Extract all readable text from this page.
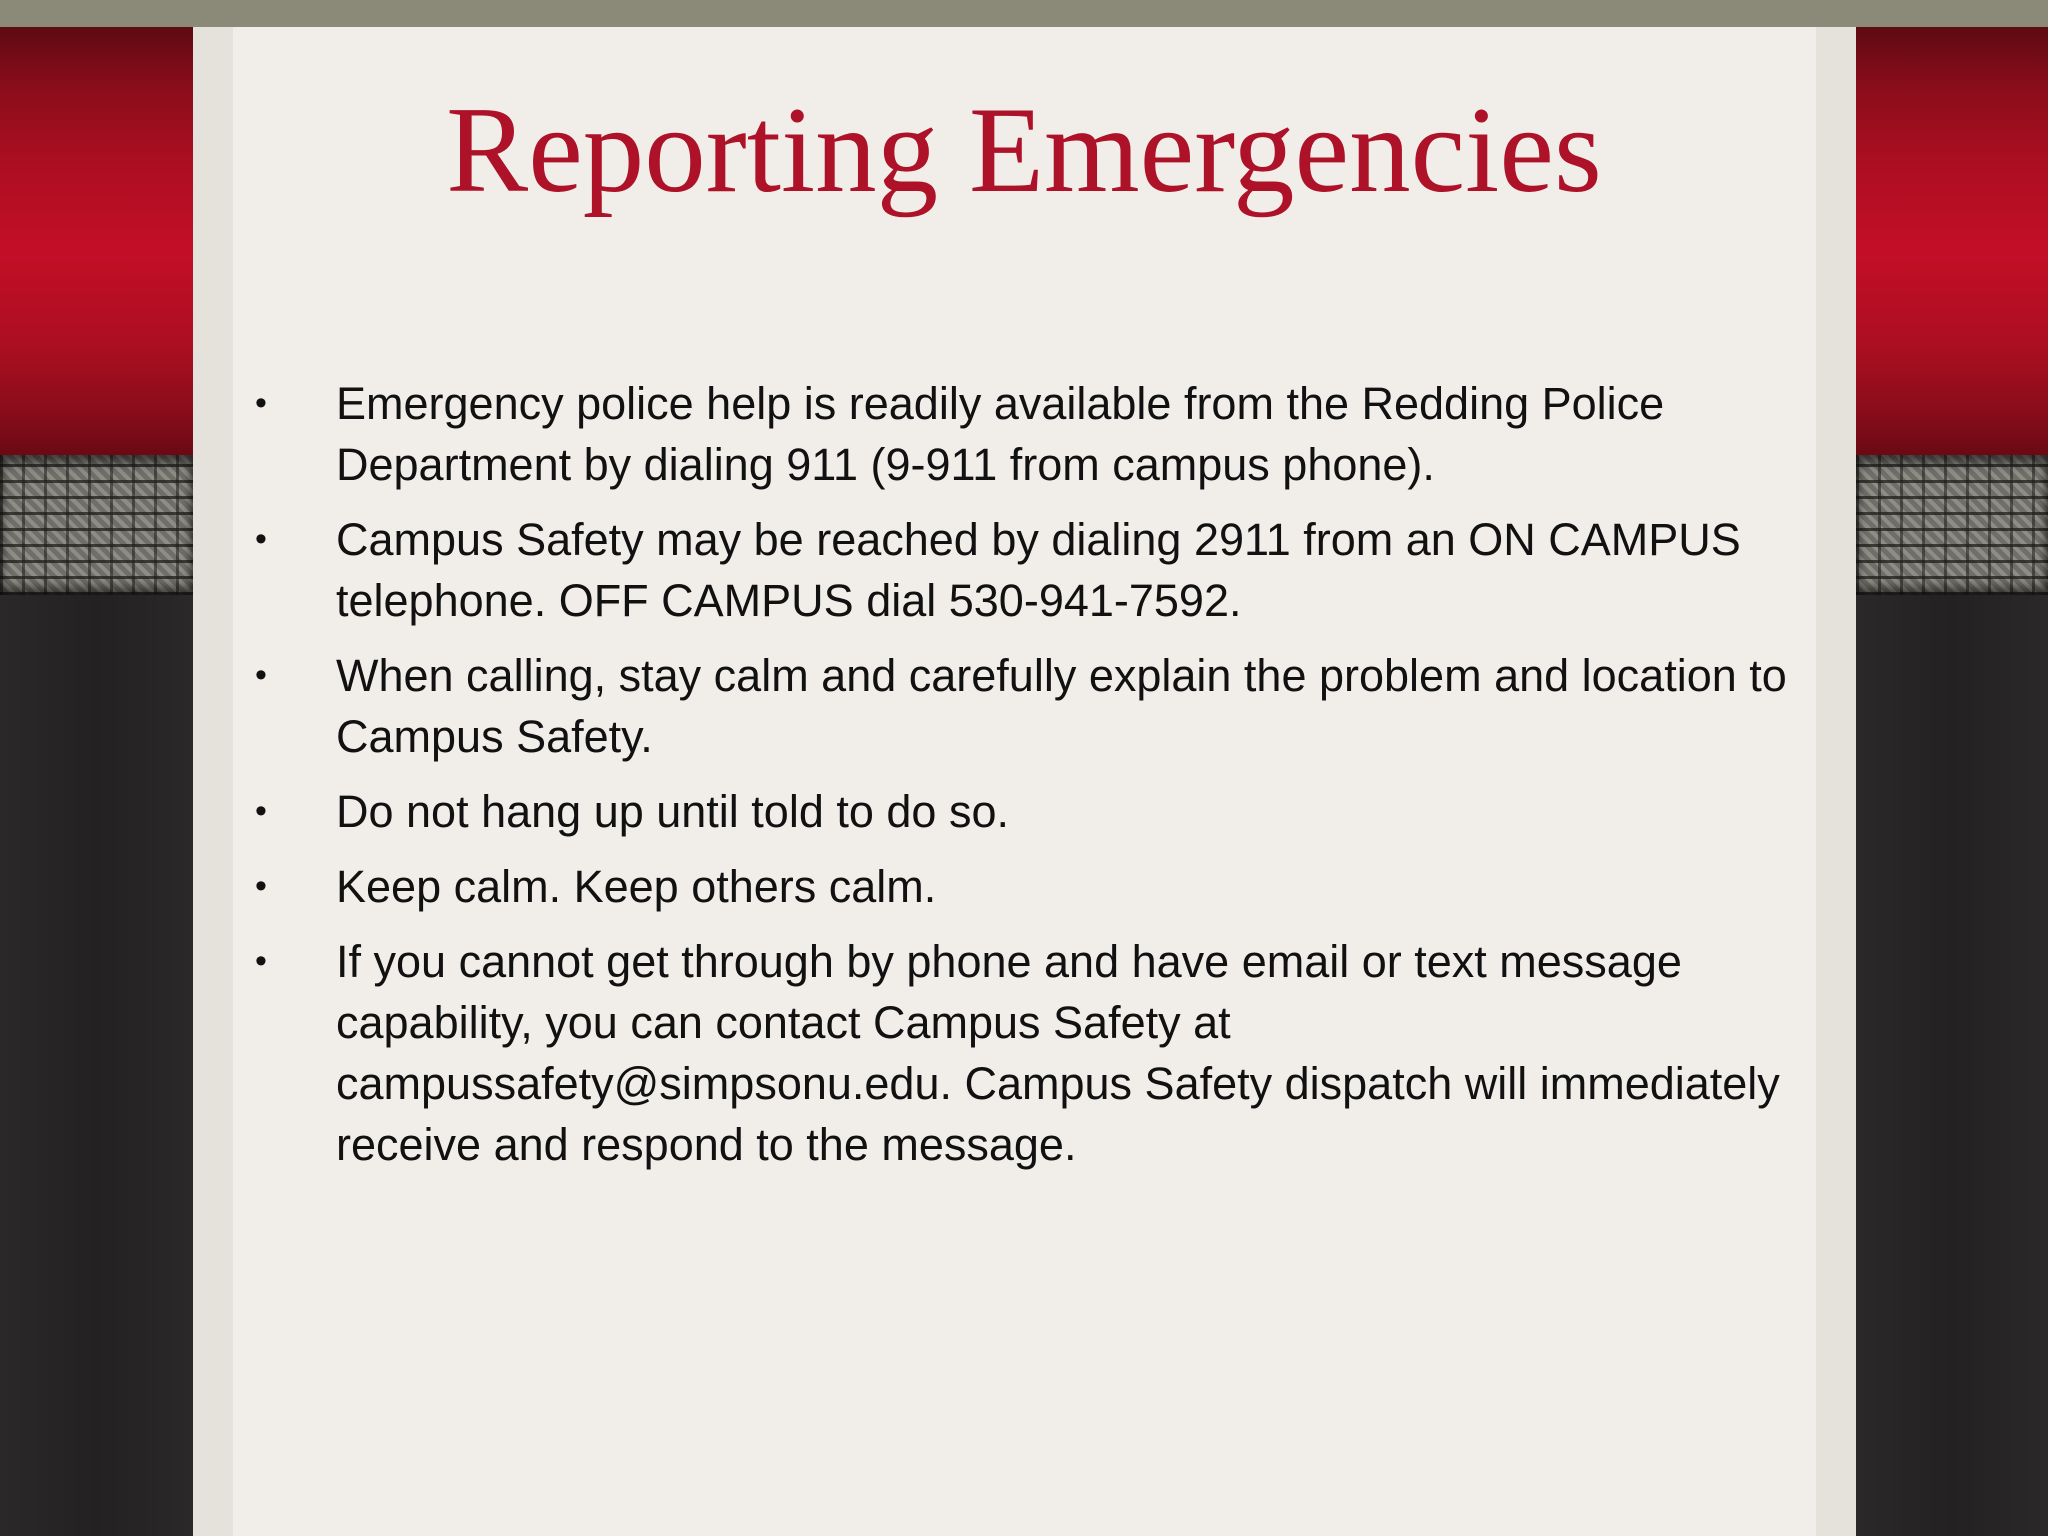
Reporting Emergencies
•	Emergency police help is readily available from the Redding Police Department by dialing 911 (9-911 from campus phone).
•	Campus Safety may be reached by dialing 2911 from an ON CAMPUS telephone. OFF CAMPUS dial 530-941-7592.
•	When calling, stay calm and carefully explain the problem and location to Campus Safety.
•	Do not hang up until told to do so.
•	Keep calm. Keep others calm.
•	If you cannot get through by phone and have email or text message capability, you can contact Campus Safety at campussafety@simpsonu.edu. Campus Safety dispatch will immediately receive and respond to the message.
